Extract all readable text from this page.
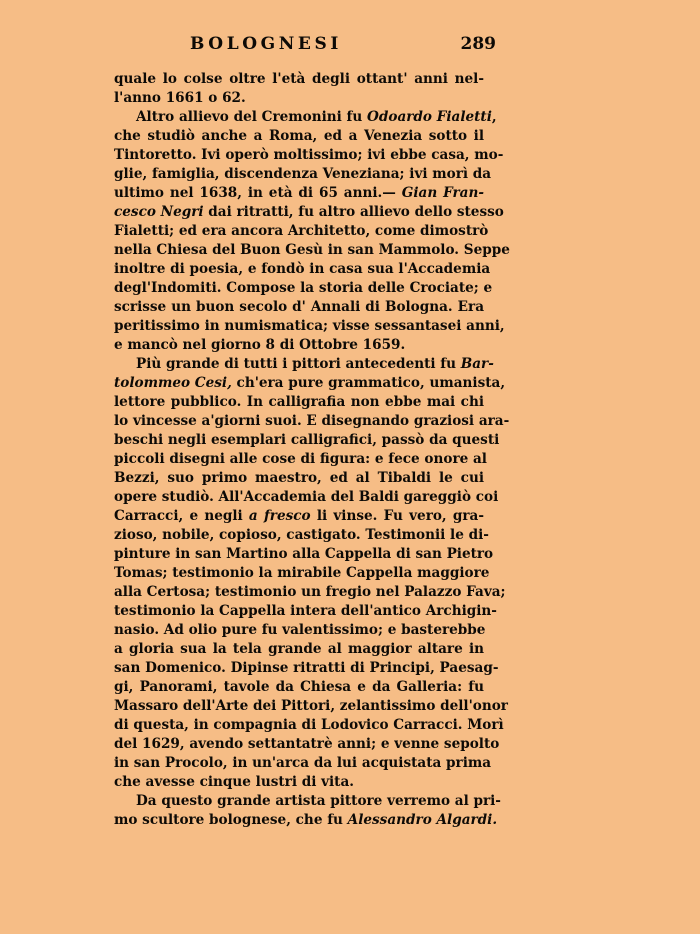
BOLOGNESI	289
quale lo colse oltre l'età degli ottant' anni nel-
l'anno 1661 o 62.
Altro allievo del Cremonini fu Odoardo Fialetti,
che studiò anche a Roma, ed a Venezia sotto il
Tintoretto. Ivi operò moltissimo; ivi ebbe casa, mo-
glie, famiglia, discendenza Veneziana; ivi morì da
ultimo nel 1638, in età di 65 anni.— Gian Fran-
cesco Negri dai ritratti, fu altro allievo dello stesso
Fialetti; ed era ancora Architetto, come dimostrò
nella Chiesa del Buon Gesù in san Mammolo. Seppe
inoltre di poesia, e fondò in casa sua l'Accademia
degl'Indomiti. Compose la storia delle Crociate; e
scrisse un buon secolo d' Annali di Bologna. Era
peritissimo in numismatica; visse sessantasei anni,
e mancò nel giorno 8 di Ottobre 1659.
Più grande di tutti i pittori antecedenti fu Bar-
tolommeo Cesi, ch'era pure grammatico, umanista,
lettore pubblico. In calligrafia non ebbe mai chi
lo vincesse a'giorni suoi. E disegnando graziosi ara-
beschi negli esemplari calligrafici, passò da questi
piccoli disegni alle cose di figura: e fece onore al
Bezzi, suo primo maestro, ed al Tibaldi le cui
opere studiò. All'Accademia del Baldi gareggiò coi
Carracci, e negli a fresco li vinse. Fu vero, gra-
zioso, nobile, copioso, castigato. Testimonii le di-
pinture in san Martino alla Cappella di san Pietro
Tomas; testimonio la mirabile Cappella maggiore
alla Certosa; testimonio un fregio nel Palazzo Fava;
testimonio la Cappella intera dell'antico Archigin-
nasio. Ad olio pure fu valentissimo; e basterebbe
a gloria sua la tela grande al maggior altare in
san Domenico. Dipinse ritratti di Principi, Paesag-
gi, Panorami, tavole da Chiesa e da Galleria: fu
Massaro dell'Arte dei Pittori, zelantissimo dell'onor
di questa, in compagnia di Lodovico Carracci. Morì
del 1629, avendo settantatrè anni; e venne sepolto
in san Procolo, in un'arca da lui acquistata prima
che avesse cinque lustri di vita.
Da questo grande artista pittore verremo al pri-
mo scultore bolognese, che fu Alessandro Algardi.
